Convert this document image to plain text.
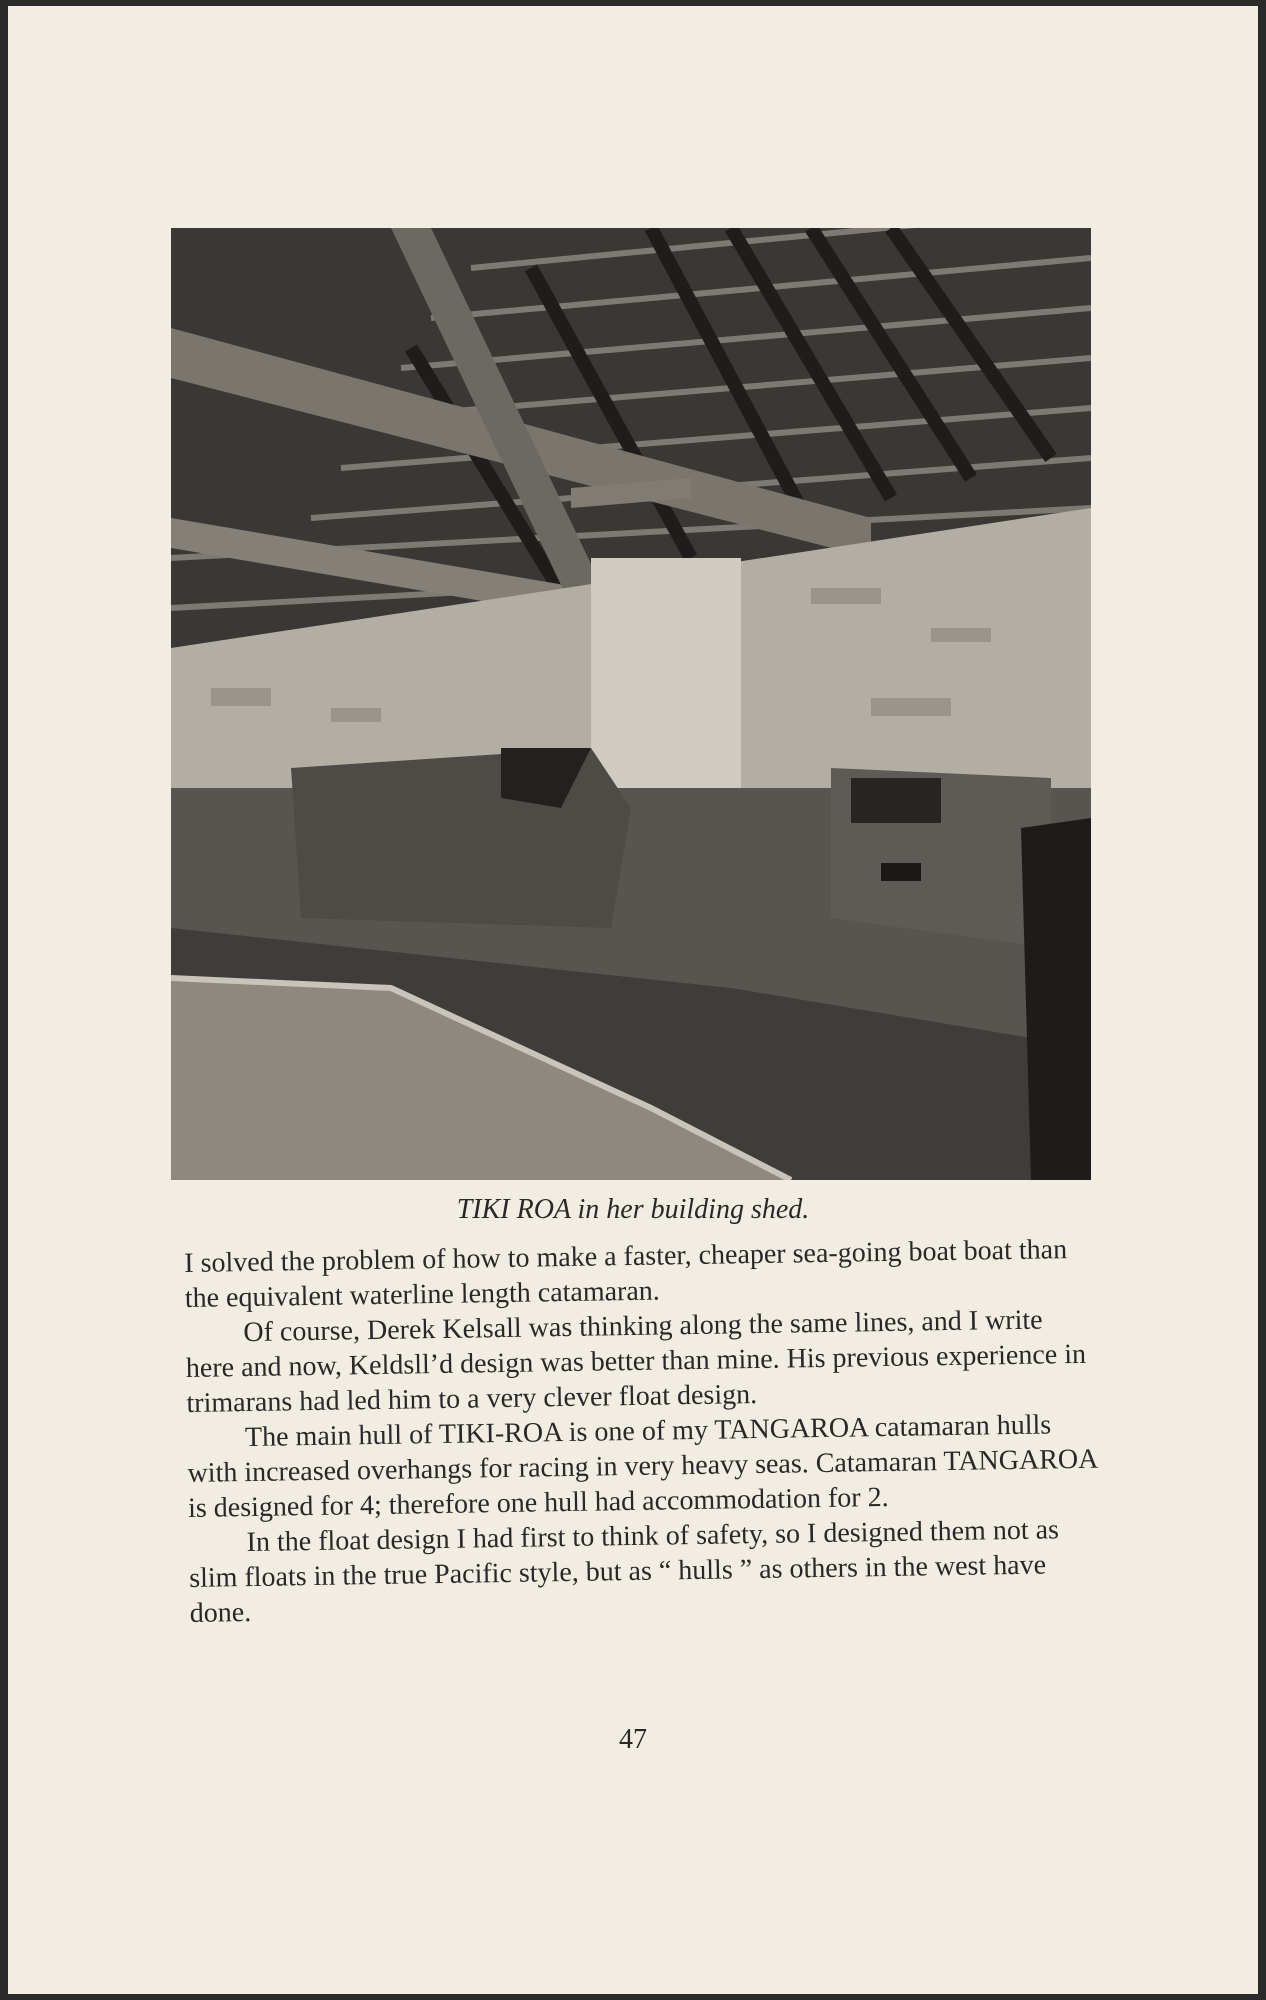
TIKI ROA in her building shed.

I solved the problem of how to make a faster, cheaper sea-going boat boat than the equivalent waterline length catamaran.

Of course, Derek Kelsall was thinking along the same lines, and I write here and now, Keldsll’d design was better than mine. His previous experience in trimarans had led him to a very clever float design.

The main hull of TIKI-ROA is one of my TANGAROA catamaran hulls with increased overhangs for racing in very heavy seas. Catamaran TANGAROA is designed for 4; therefore one hull had accommodation for 2.

In the float design I had first to think of safety, so I designed them not as slim floats in the true Pacific style, but as “ hulls ” as others in the west have done.

47
